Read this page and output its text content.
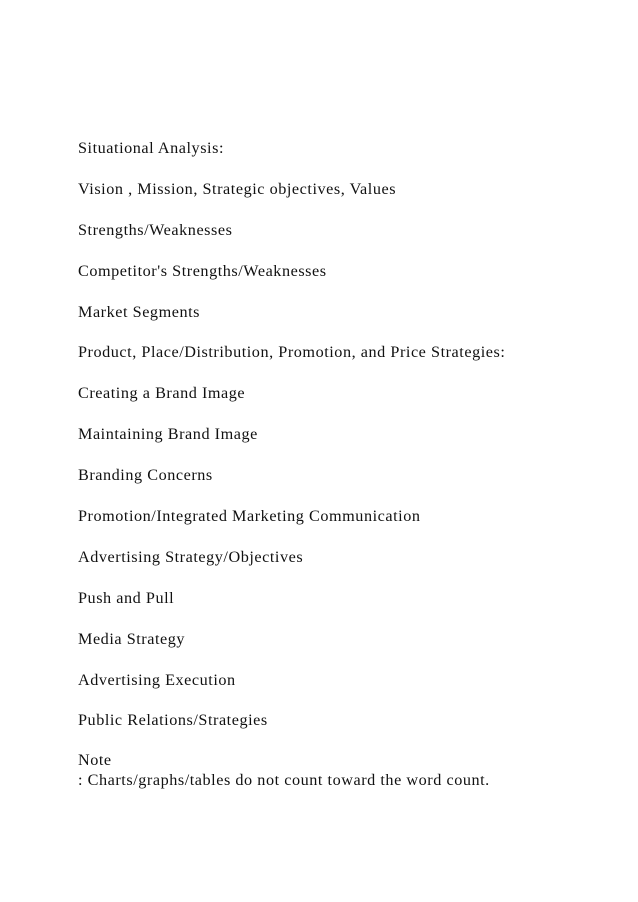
Situational Analysis:
Vision , Mission, Strategic objectives, Values
Strengths/Weaknesses
Competitor's Strengths/Weaknesses
Market Segments
Product, Place/Distribution, Promotion, and Price Strategies:
Creating a Brand Image
Maintaining Brand Image
Branding Concerns
Promotion/Integrated Marketing Communication
Advertising Strategy/Objectives
Push and Pull
Media Strategy
Advertising Execution
Public Relations/Strategies
Note
: Charts/graphs/tables do not count toward the word count.
